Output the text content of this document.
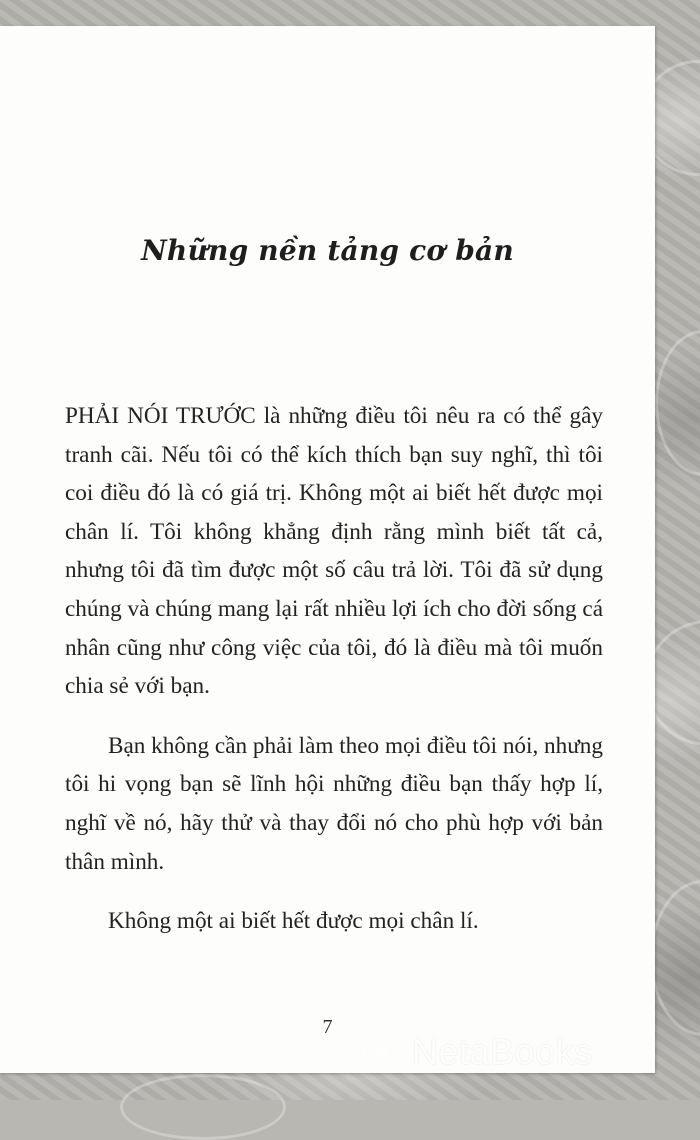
Những nền tảng cơ bản

PHẢI NÓI TRƯỚC là những điều tôi nêu ra có thể gây tranh cãi. Nếu tôi có thể kích thích bạn suy nghĩ, thì tôi coi điều đó là có giá trị. Không một ai biết hết được mọi chân lí. Tôi không khẳng định rằng mình biết tất cả, nhưng tôi đã tìm được một số câu trả lời. Tôi đã sử dụng chúng và chúng mang lại rất nhiều lợi ích cho đời sống cá nhân cũng như công việc của tôi, đó là điều mà tôi muốn chia sẻ với bạn.

Bạn không cần phải làm theo mọi điều tôi nói, nhưng tôi hi vọng bạn sẽ lĩnh hội những điều bạn thấy hợp lí, nghĩ về nó, hãy thử và thay đổi nó cho phù hợp với bản thân mình.

Không một ai biết hết được mọi chân lí.

7
N NetaBooks
